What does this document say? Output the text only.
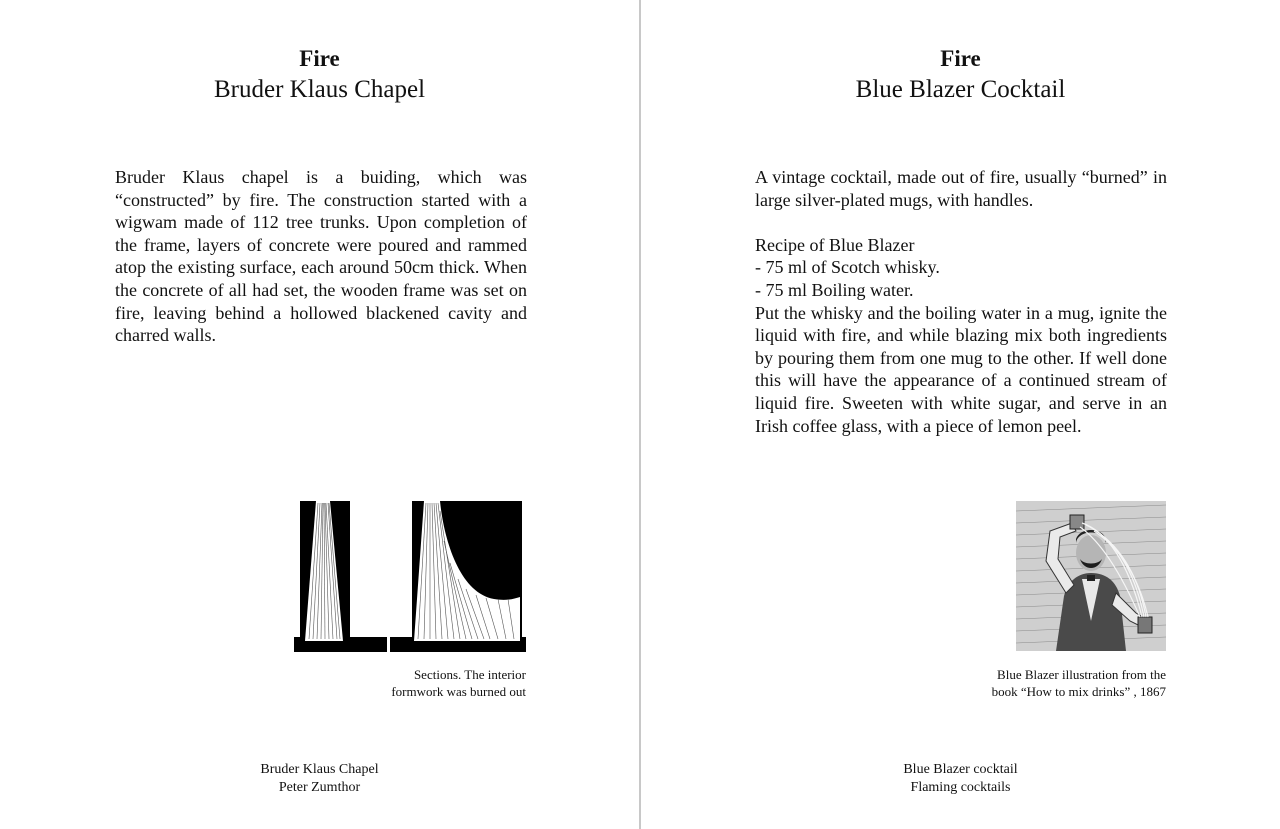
Fire
Bruder Klaus Chapel

Bruder Klaus chapel is a buiding, which was “constructed” by fire. The construction started with a wigwam made of 112 tree trunks. Upon completion of the frame, layers of concrete were poured and rammed atop the existing surface, each around 50cm thick. When the concrete of all had set, the wooden frame was set on fire, leaving behind a hollowed blackened cavity and charred walls.

Sections. The interior
formwork was burned out
Bruder Klaus Chapel
Peter Zumthor
Fire
Blue Blazer Cocktail

A vintage cocktail, made out of fire, usually “burned” in large silver-plated mugs, with handles.

Recipe of Blue Blazer
- 75 ml of Scotch whisky.
- 75 ml Boiling water.

Put the whisky and the boiling water in a mug, ignite the liquid with fire, and while blazing mix both ingredients by pouring them from one mug to the other. If well done this will have the appearance of a continued stream of liquid fire. Sweeten with white sugar, and serve in an Irish coffee glass, with a piece of lemon peel.

Blue Blazer illustration from the
book “How to mix drinks” , 1867
Blue Blazer cocktail
Flaming cocktails
